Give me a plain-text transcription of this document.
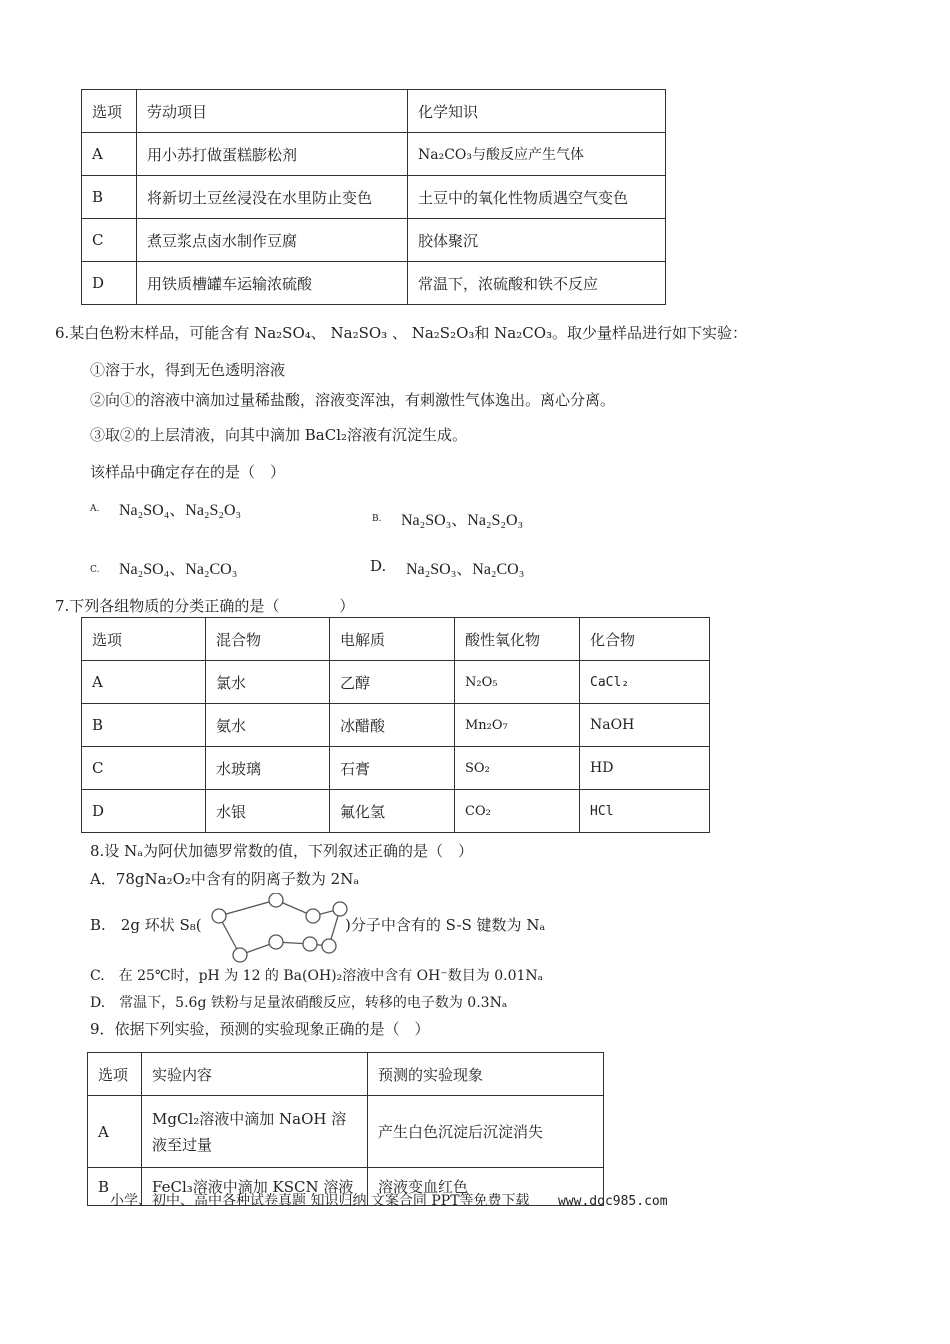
选项	劳动项目	化学知识
A	用小苏打做蛋糕膨松剂	Na₂CO₃与酸反应产生气体
B	将新切土豆丝浸没在水里防止变色	土豆中的氧化性物质遇空气变色
C	煮豆浆点卤水制作豆腐	胶体聚沉
D	用铁质槽罐车运输浓硫酸	常温下，浓硫酸和铁不反应
6.某白色粉末样品，可能含有 Na₂SO₄、 Na₂SO₃ 、 Na₂S₂O₃和 Na₂CO₃。取少量样品进行如下实验：
①溶于水，得到无色透明溶液
②向①的溶液中滴加过量稀盐酸，溶液变浑浊，有刺激性气体逸出。离心分离。
③取②的上层清液，向其中滴加 BaCl₂溶液有沉淀生成。
该样品中确定存在的是（　）
A. Na₂SO₄、Na₂S₂O₃	B. Na₂SO₃、Na₂S₂O₃
C. Na₂SO₄、Na₂CO₃	D. Na₂SO₃、Na₂CO₃
7.下列各组物质的分类正确的是（　　　　）
选项	混合物	电解质	酸性氧化物	化合物
A	氯水	乙醇	N₂O₅	CaCl₂
B	氨水	冰醋酸	Mn₂O₇	NaOH
C	水玻璃	石膏	SO₂	HD
D	水银	氟化氢	CO₂	HCl
8.设 Nₐ为阿伏加德罗常数的值，下列叙述正确的是（　）
A．78gNa₂O₂中含有的阴离子数为 2Nₐ
B.　2g 环状 S₈(	)分子中含有的 S-S 键数为 Nₐ
C.　在 25℃时，pH 为 12 的 Ba(OH)₂溶液中含有 OH⁻数目为 0.01Nₐ
D.　常温下，5.6g 铁粉与足量浓硝酸反应，转移的电子数为 0.3Nₐ
9．依据下列实验，预测的实验现象正确的是（　）
选项	实验内容	预测的实验现象
A	MgCl₂溶液中滴加 NaOH 溶液至过量	产生白色沉淀后沉淀消失
B	FeCl₃溶液中滴加 KSCN 溶液	溶液变血红色
小学、初中、高中各种试卷真题 知识归纳 文案合同 PPT等免费下载 www.doc985.com
